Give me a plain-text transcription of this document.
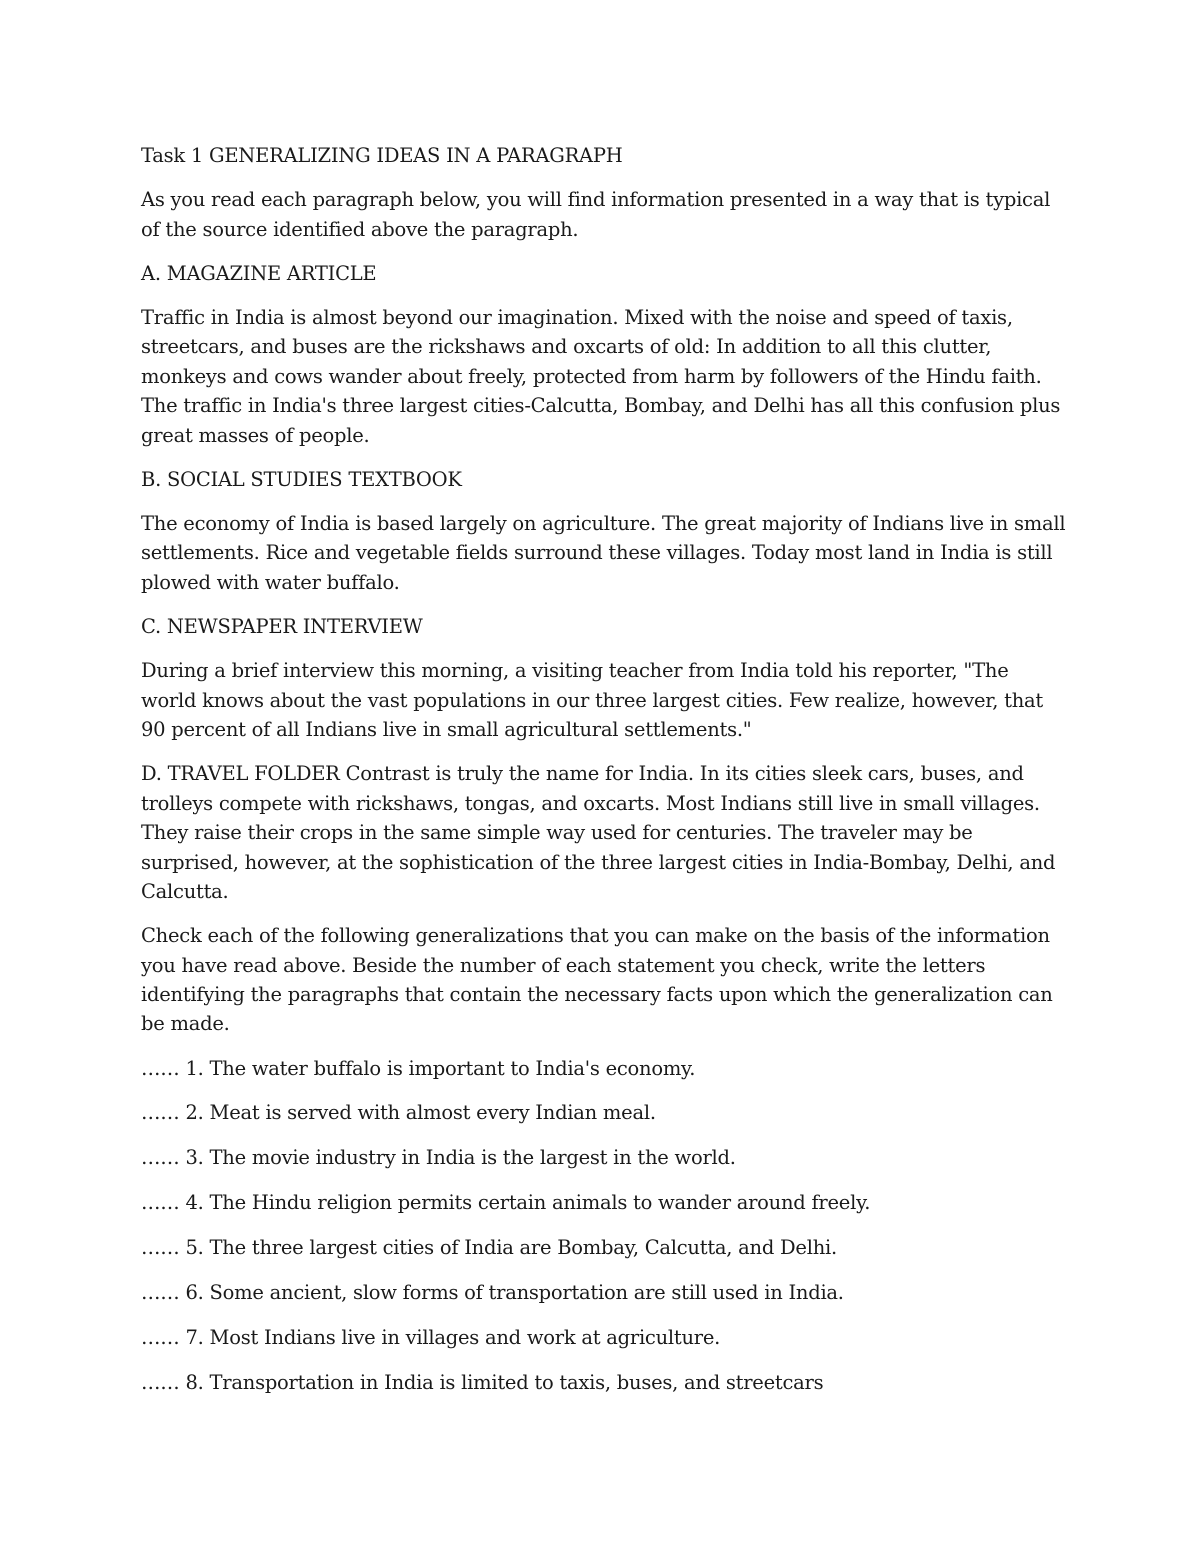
Task 1 GENERALIZING IDEAS IN A PARAGRAPH

As you read each paragraph below, you will find information presented in a way that is typical of the source identified above the paragraph.

A. MAGAZINE ARTICLE

Traffic in India is almost beyond our imagination. Mixed with the noise and speed of taxis, streetcars, and buses are the rickshaws and oxcarts of old: In addition to all this clutter, monkeys and cows wander about freely, protected from harm by followers of the Hindu faith. The traffic in India's three largest cities-Calcutta, Bombay, and Delhi has all this confusion plus great masses of people.

B. SOCIAL STUDIES TEXTBOOK

The economy of India is based largely on agriculture. The great majority of Indians live in small settlements. Rice and vegetable fields surround these villages. Today most land in India is still plowed with water buffalo.

C. NEWSPAPER INTERVIEW

During a brief interview this morning, a visiting teacher from India told his reporter, "The world knows about the vast populations in our three largest cities. Few realize, however, that 90 percent of all Indians live in small agricultural settlements."

D. TRAVEL FOLDER Contrast is truly the name for India. In its cities sleek cars, buses, and trolleys compete with rickshaws, tongas, and oxcarts. Most Indians still live in small villages. They raise their crops in the same simple way used for centuries. The traveler may be surprised, however, at the sophistication of the three largest cities in India-Bombay, Delhi, and Calcutta.

Check each of the following generalizations that you can make on the basis of the information you have read above. Beside the number of each statement you check, write the letters identifying the paragraphs that contain the necessary facts upon which the generalization can be made.

…… 1. The water buffalo is important to India's economy.
…… 2. Meat is served with almost every Indian meal.
…… 3. The movie industry in India is the largest in the world.
…… 4. The Hindu religion permits certain animals to wander around freely.
…… 5. The three largest cities of India are Bombay, Calcutta, and Delhi.
…… 6. Some ancient, slow forms of transportation are still used in India.
…… 7. Most Indians live in villages and work at agriculture.
…… 8. Transportation in India is limited to taxis, buses, and streetcars
